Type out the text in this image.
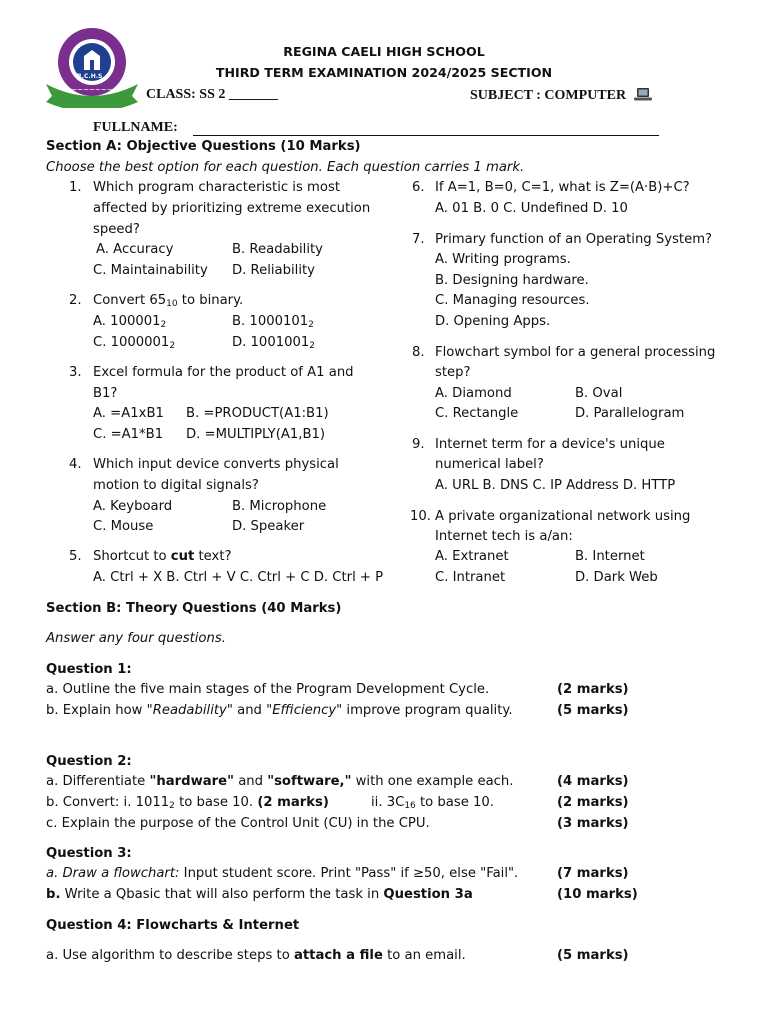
~~~~~~~~~
R.C.H.S
REGINA CAELI HIGH SCHOOL
THIRD TERM EXAMINATION 2024/2025 SECTION
CLASS: SS 2 _______	SUBJECT : COMPUTER
FULLNAME:
Section A: Objective Questions (10 Marks)
Choose the best option for each question. Each question carries 1 mark.
1. Which program characteristic is most
affected by prioritizing extreme execution
speed?
A. Accuracy	B. Readability
C. Maintainability D. Reliability
2. Convert $65_{10}$ to binary.
A. $100001_2$	B. $1000101_2$
C. $1000001_2$	D. $1001001_2$
3. Excel formula for the product of A1 and
B1?
A. =A1xB1 B. =PRODUCT(A1:B1)
C. =A1*B1 D. =MULTIPLY(A1,B1)
4. Which input device converts physical
motion to digital signals?
A. Keyboard	B. Microphone
C. Mouse	D. Speaker
5. Shortcut to cut text?
A. Ctrl + X B. Ctrl + V C. Ctrl + C D. Ctrl + P
6. If A=1, B=0, C=1, what is Z=(A·B)+C?
A. 01 B. 0 C. Undefined D. 10
7. Primary function of an Operating System?
A. Writing programs.
B. Designing hardware.
C. Managing resources.
D. Opening Apps.
8. Flowchart symbol for a general processing
step?
A. Diamond	B. Oval
C. Rectangle	D. Parallelogram
9. Internet term for a device's unique
numerical label?
A. URL B. DNS C. IP Address D. HTTP
10. A private organizational network using
Internet tech is a/an:
A. Extranet	B. Internet
C. Intranet	D. Dark Web
Section B: Theory Questions (40 Marks)
Answer any four questions.
Question 1:
a. Outline the five main stages of the Program Development Cycle.	(2 marks)
b. Explain how "Readability" and "Efficiency" improve program quality.	(5 marks)
Question 2:
a. Differentiate "hardware" and "software," with one example each.	(4 marks)
b. Convert: i. $1011_2$ to base 10. (2 marks)	ii. $3C_{16}$ to base 10.	(2 marks)
c. Explain the purpose of the Control Unit (CU) in the CPU.	(3 marks)
Question 3:
a. Draw a flowchart: Input student score. Print "Pass" if ≥50, else "Fail".	(7 marks)
b. Write a Qbasic that will also perform the task in Question 3a	(10 marks)
Question 4: Flowcharts & Internet
a. Use algorithm to describe steps to attach a file to an email.	(5 marks)
